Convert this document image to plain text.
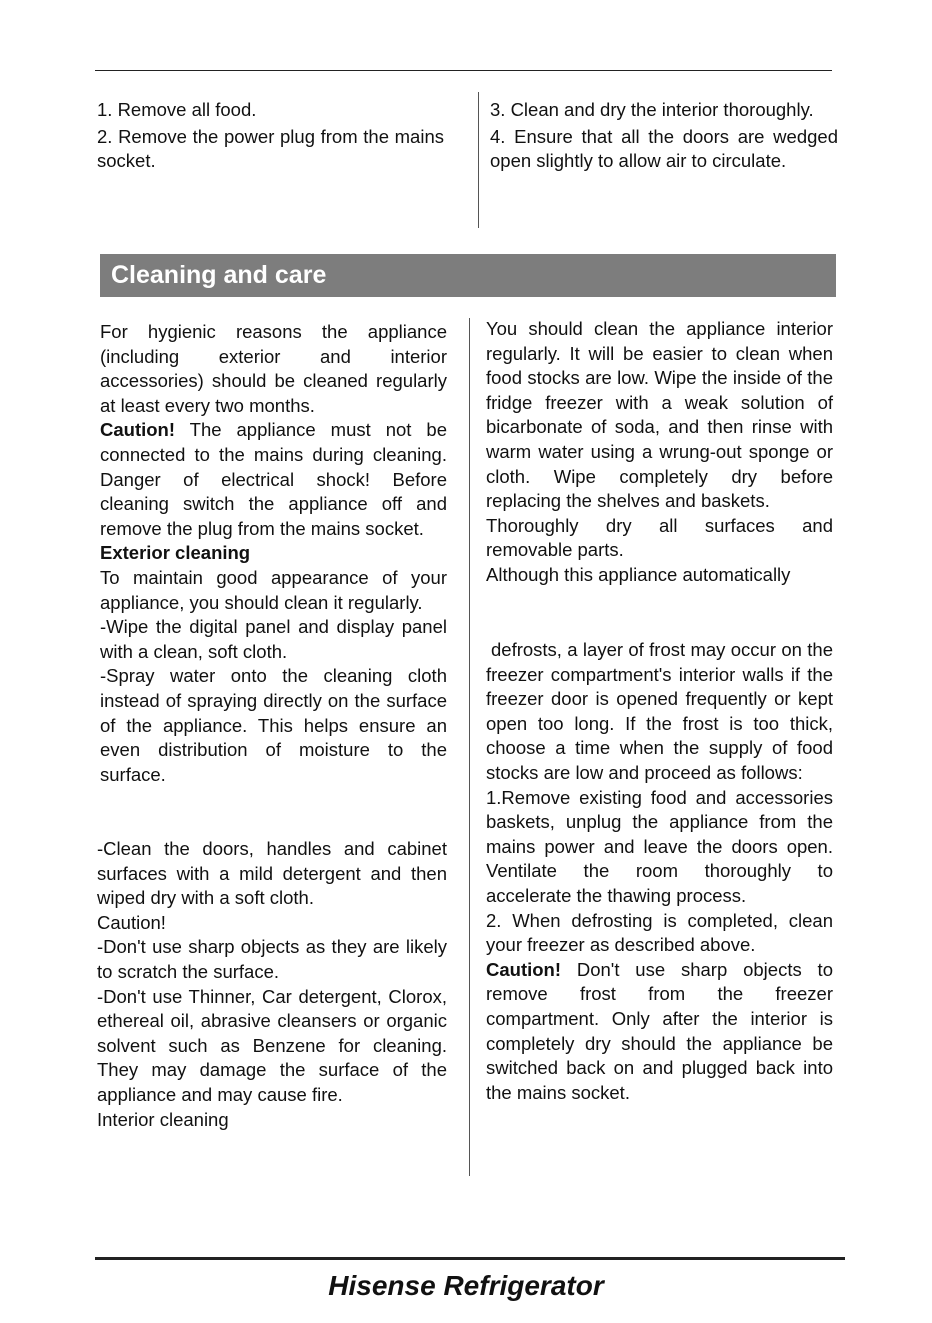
1. Remove all food.

2. Remove the power plug from the mains socket.

3. Clean and dry the interior thoroughly.

4. Ensure that all the doors are wedged open slightly to allow air to circulate.

Cleaning and care

For hygienic reasons the appliance (including exterior and interior accessories) should be cleaned regularly at least every two months.

Caution! The appliance must not be connected to the mains during cleaning. Danger of electrical shock! Before cleaning switch the appliance off and remove the plug from the mains socket.

Exterior cleaning

To maintain good appearance of your appliance, you should clean it regularly.

-Wipe the digital panel and display panel with a clean, soft cloth.

-Spray water onto the cleaning cloth instead of spraying directly on the surface of the appliance. This helps ensure an even distribution of moisture to the surface.

-Clean the doors, handles and cabinet surfaces with a mild detergent and then wiped dry with a soft cloth.

Caution!

-Don't use sharp objects as they are likely to scratch the surface.

-Don't use Thinner, Car detergent, Clorox, ethereal oil, abrasive cleansers or organic solvent such as Benzene for cleaning. They may damage the surface of the appliance and may cause fire.

Interior cleaning

You should clean the appliance interior regularly. It will be easier to clean when food stocks are low. Wipe the inside of the fridge freezer with a weak solution of bicarbonate of soda, and then rinse with warm water using a wrung-out sponge or cloth. Wipe completely dry before replacing the shelves and baskets.

Thoroughly dry all surfaces and removable parts.

Although this appliance automatically

defrosts, a layer of frost may occur on the freezer compartment's interior walls if the freezer door is opened frequently or kept open too long. If the frost is too thick, choose a time when the supply of food stocks are low and proceed as follows:

1.Remove existing food and accessories baskets, unplug the appliance from the mains power and leave the doors open. Ventilate the room thoroughly to accelerate the thawing process.

2. When defrosting is completed, clean your freezer as described above.

Caution! Don't use sharp objects to remove frost from the freezer compartment. Only after the interior is completely dry should the appliance be switched back on and plugged back into the mains socket.

Hisense Refrigerator
